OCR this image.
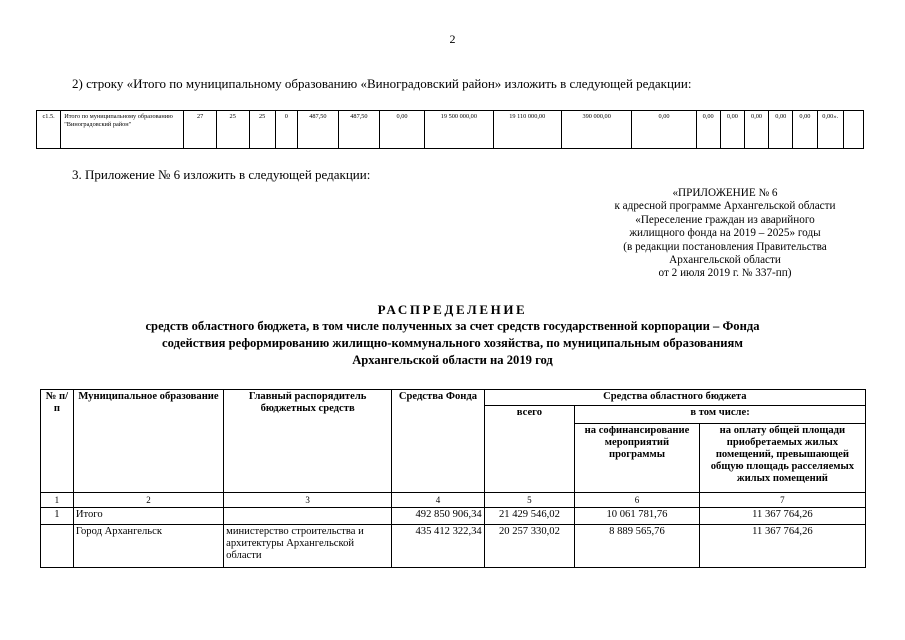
2
2) строку «Итого по муниципальному образованию «Виноградовский район» изложить в следующей редакции:
с1.5.	Итого по муниципальному образованию "Виноградовский район"	27	25	25	0	487,50	487,50	0,00	19 500 000,00	19 110 000,00	390 000,00	0,00	0,00	0,00	0,00	0,00	0,00	0,00».	
3. Приложение № 6 изложить в следующей редакции:
«ПРИЛОЖЕНИЕ № 6
к адресной программе Архангельской области
«Переселение граждан из аварийного
жилищного фонда на 2019 – 2025» годы
(в редакции постановления Правительства
Архангельской области
от 2 июля 2019 г. № 337-пп)
РАСПРЕДЕЛЕНИЕ
средств областного бюджета, в том числе полученных за счет средств государственной корпорации – Фонда
содействия реформированию жилищно-коммунального хозяйства, по муниципальным образованиям
Архангельской области на 2019 год
№ п/п	Муниципальное образование	Главный распорядитель бюджетных средств	Средства Фонда	Средства областного бюджета		
				всего	в том числе:	
					на софинансирование мероприятий программы	на оплату общей площади приобретаемых жилых помещений, превышающей общую площадь расселяемых жилых помещений
1	2	3	4	5	6	7
1	Итого		492 850 906,34	21 429 546,02	10 061 781,76	11 367 764,26
	Город Архангельск	министерство строительства и архитектуры Архангельской области	435 412 322,34	20 257 330,02	8 889 565,76	11 367 764,26
